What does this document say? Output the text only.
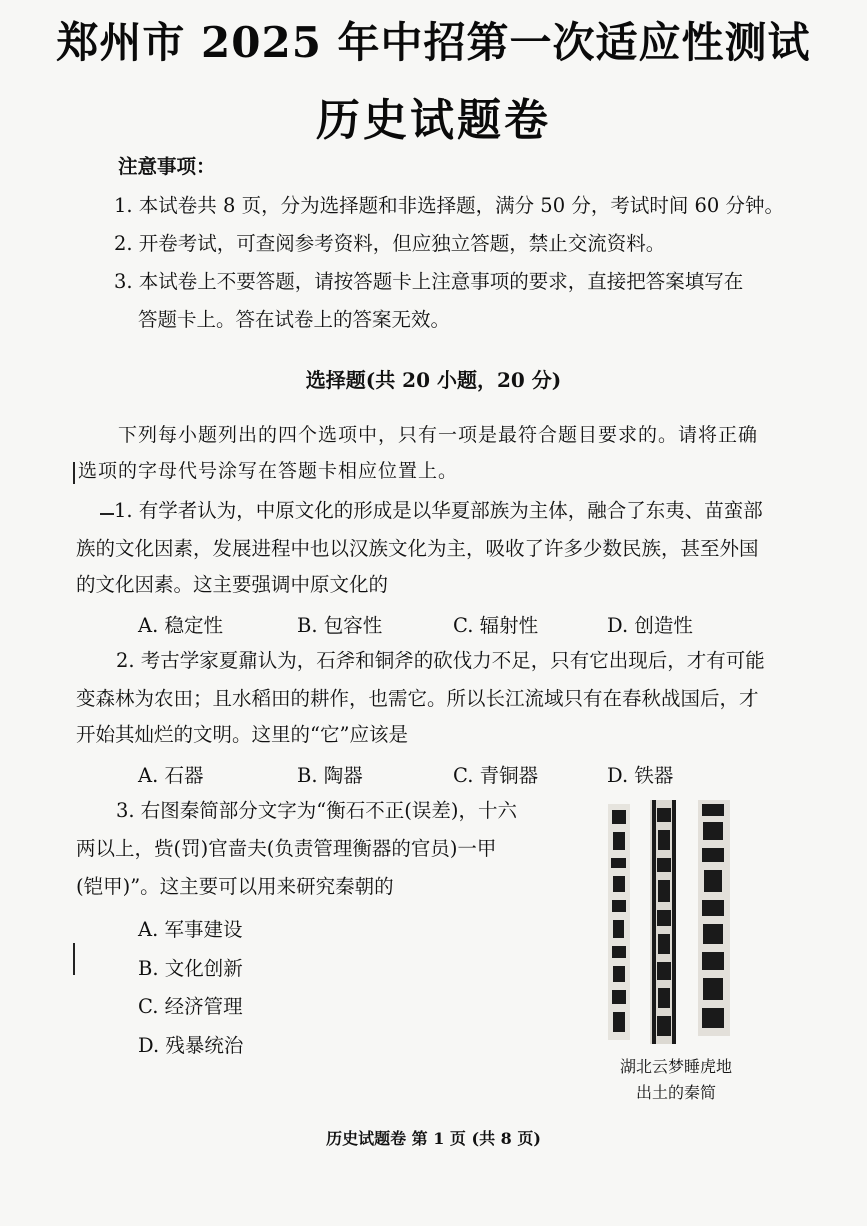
郑州市 2025 年中招第一次适应性测试
历史试题卷
注意事项：
1. 本试卷共 8 页，分为选择题和非选择题，满分 50 分，考试时间 60 分钟。
2. 开卷考试，可查阅参考资料，但应独立答题，禁止交流资料。
3. 本试卷上不要答题，请按答题卡上注意事项的要求，直接把答案填写在
答题卡上。答在试卷上的答案无效。
选择题(共 20 小题，20 分)
下列每小题列出的四个选项中，只有一项是最符合题目要求的。请将正确
选项的字母代号涂写在答题卡相应位置上。
1. 有学者认为，中原文化的形成是以华夏部族为主体，融合了东夷、苗蛮部
族的文化因素，发展进程中也以汉族文化为主，吸收了许多少数民族，甚至外国
的文化因素。这主要强调中原文化的
A. 稳定性	B. 包容性	C. 辐射性	D. 创造性
2. 考古学家夏鼐认为，石斧和铜斧的砍伐力不足，只有它出现后，才有可能
变森林为农田；且水稻田的耕作，也需它。所以长江流域只有在春秋战国后，才
开始其灿烂的文明。这里的“它”应该是
A. 石器	B. 陶器	C. 青铜器	D. 铁器
3. 右图秦简部分文字为“衡石不正(误差)，十六
两以上，赀(罚)官啬夫(负责管理衡器的官员)一甲
(铠甲)”。这主要可以用来研究秦朝的
A. 军事建设
B. 文化创新
C. 经济管理
D. 残暴统治
湖北云梦睡虎地
出土的秦简
历史试题卷 第 1 页 (共 8 页)
